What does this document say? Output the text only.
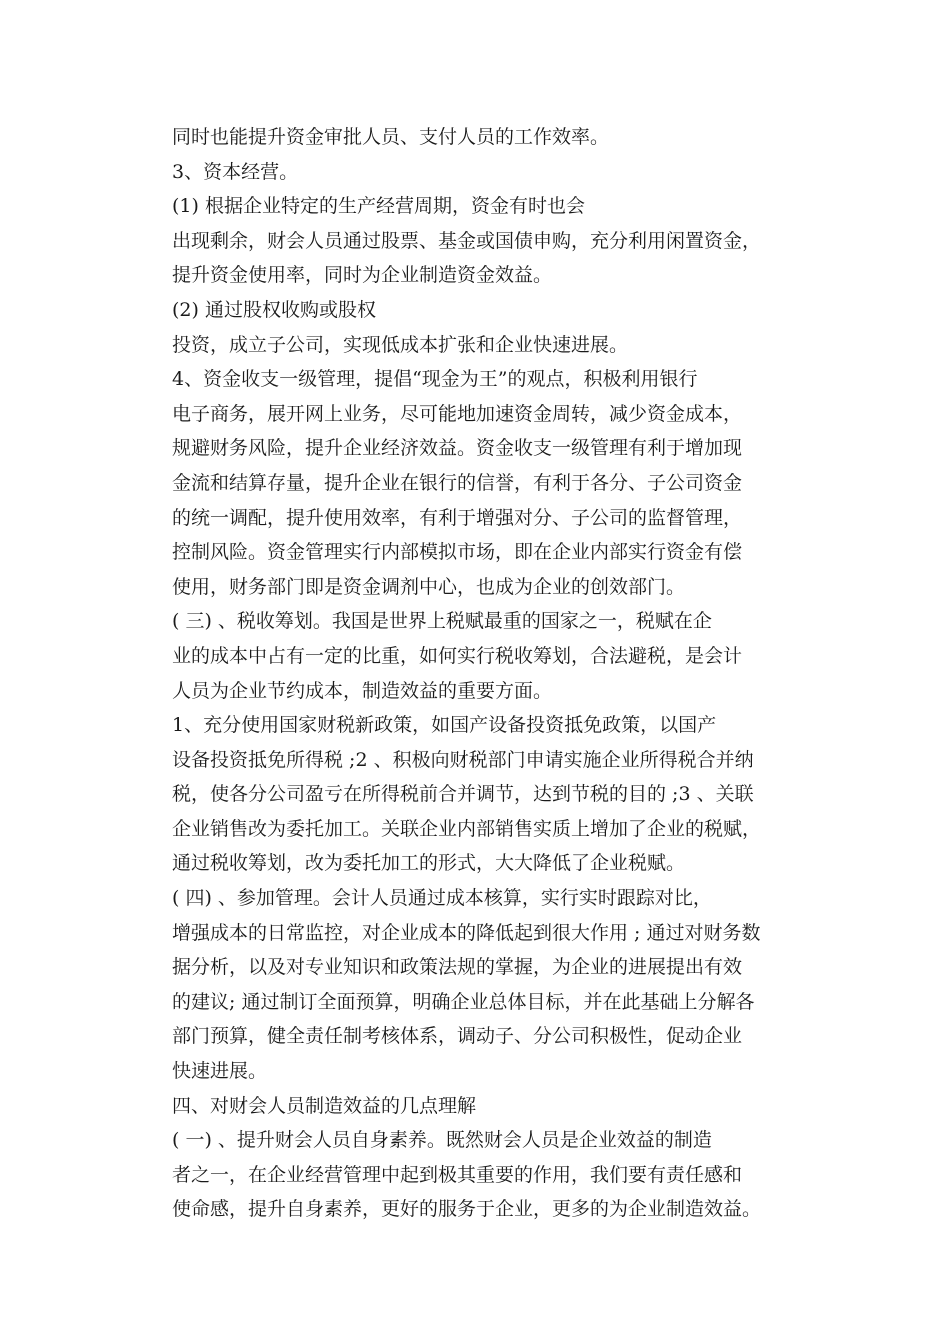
同时也能提升资金审批人员、支付人员的工作效率。

3、资本经营。

(1) 根据企业特定的生产经营周期，资金有时也会

出现剩余，财会人员通过股票、基金或国债申购，充分利用闲置资金，

提升资金使用率，同时为企业制造资金效益。

(2) 通过股权收购或股权

投资，成立子公司，实现低成本扩张和企业快速进展。

4、资金收支一级管理，提倡“现金为王”的观点，积极利用银行

电子商务，展开网上业务，尽可能地加速资金周转，减少资金成本，

规避财务风险，提升企业经济效益。资金收支一级管理有利于增加现

金流和结算存量，提升企业在银行的信誉，有利于各分、子公司资金

的统一调配，提升使用效率，有利于增强对分、子公司的监督管理，

控制风险。资金管理实行内部模拟市场，即在企业内部实行资金有偿

使用，财务部门即是资金调剂中心，也成为企业的创效部门。

( 三) 、税收筹划。我国是世界上税赋最重的国家之一，税赋在企

业的成本中占有一定的比重，如何实行税收筹划，合法避税，是会计

人员为企业节约成本，制造效益的重要方面。

1、充分使用国家财税新政策，如国产设备投资抵免政策，以国产

设备投资抵免所得税 ;2 、积极向财税部门申请实施企业所得税合并纳

税，使各分公司盈亏在所得税前合并调节，达到节税的目的 ;3 、关联

企业销售改为委托加工。关联企业内部销售实质上增加了企业的税赋，

通过税收筹划，改为委托加工的形式，大大降低了企业税赋。

( 四) 、参加管理。会计人员通过成本核算，实行实时跟踪对比，

增强成本的日常监控，对企业成本的降低起到很大作用 ; 通过对财务数

据分析，以及对专业知识和政策法规的掌握，为企业的进展提出有效

的建议; 通过制订全面预算，明确企业总体目标，并在此基础上分解各

部门预算，健全责任制考核体系，调动子、分公司积极性，促动企业

快速进展。

四、对财会人员制造效益的几点理解

( 一) 、提升财会人员自身素养。既然财会人员是企业效益的制造

者之一，在企业经营管理中起到极其重要的作用，我们要有责任感和

使命感，提升自身素养，更好的服务于企业，更多的为企业制造效益。
